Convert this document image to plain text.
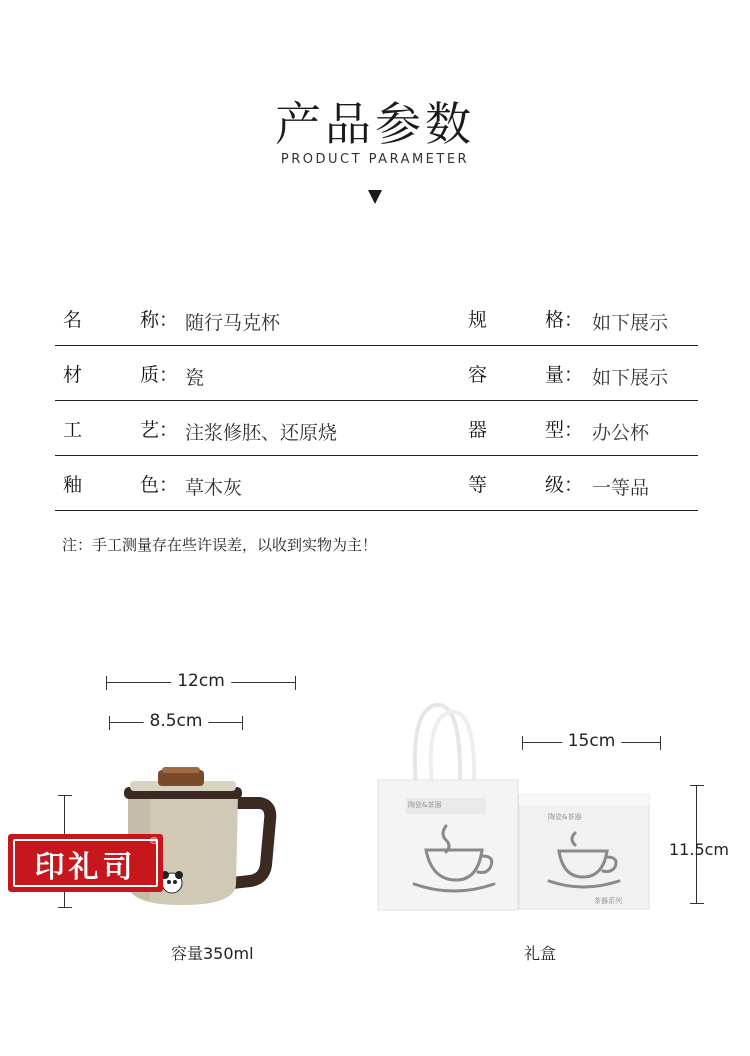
产品参数
PRODUCT PARAMETER
名	称： 随行马克杯	规	格： 如下展示
材	质： 瓷	容	量： 如下展示
工	艺： 注浆修胚、还原烧	器	型： 办公杯
釉	色： 草木灰	等	级： 一等品
注：手工测量存在些许误差，以收到实物为主！
12cm
8.5cm
印礼司
®
容量350ml
15cm
11.5cm
陶瓷&茶器
陶瓷&茶器
茶器系列
礼盒
